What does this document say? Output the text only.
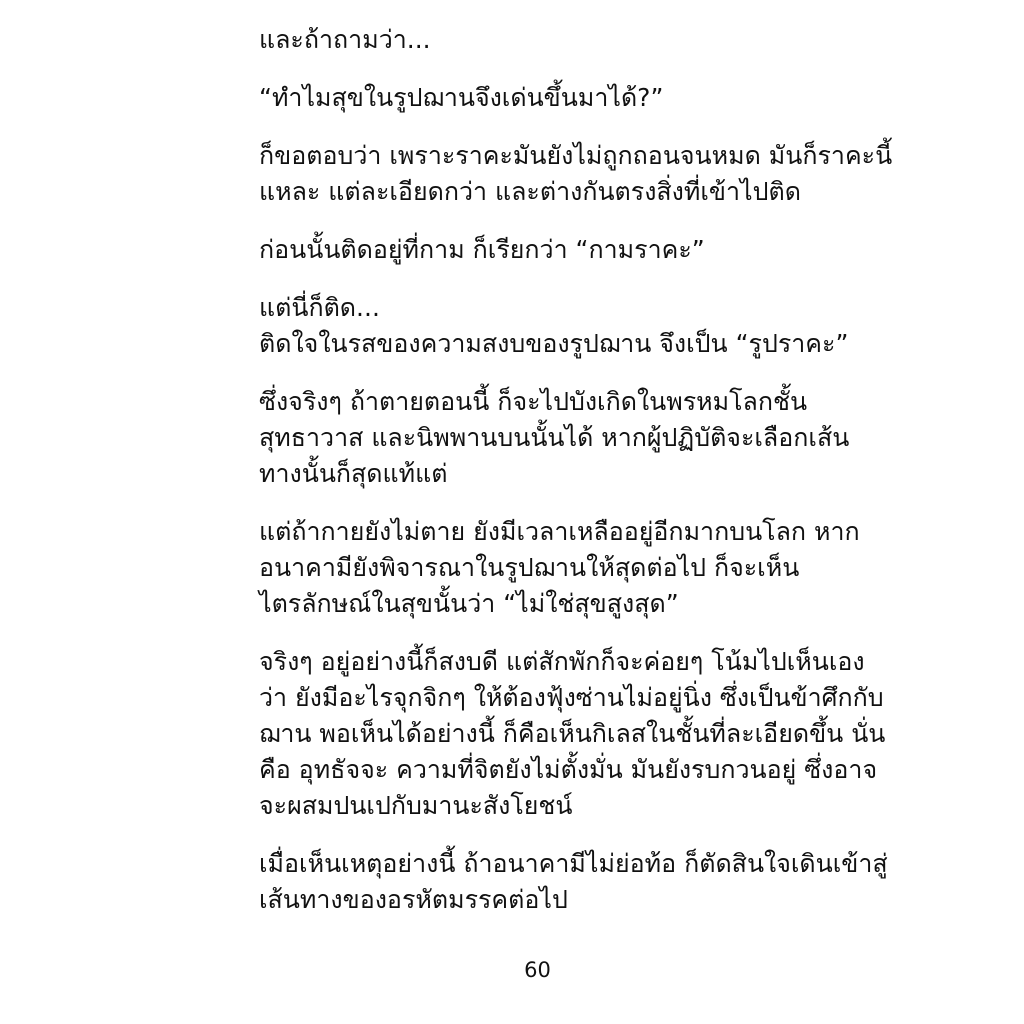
และถ้าถามว่า...

“ทำไมสุขในรูปฌานจึงเด่นขึ้นมาได้?”

ก็ขอตอบว่า เพราะราคะมันยังไม่ถูกถอนจนหมด มันก็ราคะนี้
แหละ แต่ละเอียดกว่า และต่างกันตรงสิ่งที่เข้าไปติด

ก่อนนั้นติดอยู่ที่กาม ก็เรียกว่า “กามราคะ”

แต่นี่ก็ติด...
ติดใจในรสของความสงบของรูปฌาน จึงเป็น “รูปราคะ”

ซึ่งจริงๆ ถ้าตายตอนนี้ ก็จะไปบังเกิดในพรหมโลกชั้น
สุทธาวาส และนิพพานบนนั้นได้ หากผู้ปฏิบัติจะเลือกเส้น
ทางนั้นก็สุดแท้แต่

แต่ถ้ากายยังไม่ตาย ยังมีเวลาเหลืออยู่อีกมากบนโลก หาก
อนาคามียังพิจารณาในรูปฌานให้สุดต่อไป ก็จะเห็น
ไตรลักษณ์ในสุขนั้นว่า “ไม่ใช่สุขสูงสุด”

จริงๆ อยู่อย่างนี้ก็สงบดี แต่สักพักก็จะค่อยๆ โน้มไปเห็นเอง
ว่า ยังมีอะไรจุกจิกๆ ให้ต้องฟุ้งซ่านไม่อยู่นิ่ง ซึ่งเป็นข้าศึกกับ
ฌาน พอเห็นได้อย่างนี้ ก็คือเห็นกิเลสในชั้นที่ละเอียดขึ้น นั่น
คือ อุทธัจจะ ความที่จิตยังไม่ตั้งมั่น มันยังรบกวนอยู่ ซึ่งอาจ
จะผสมปนเปกับมานะสังโยชน์

เมื่อเห็นเหตุอย่างนี้ ถ้าอนาคามีไม่ย่อท้อ ก็ตัดสินใจเดินเข้าสู่
เส้นทางของอรหัตมรรคต่อไป

60
